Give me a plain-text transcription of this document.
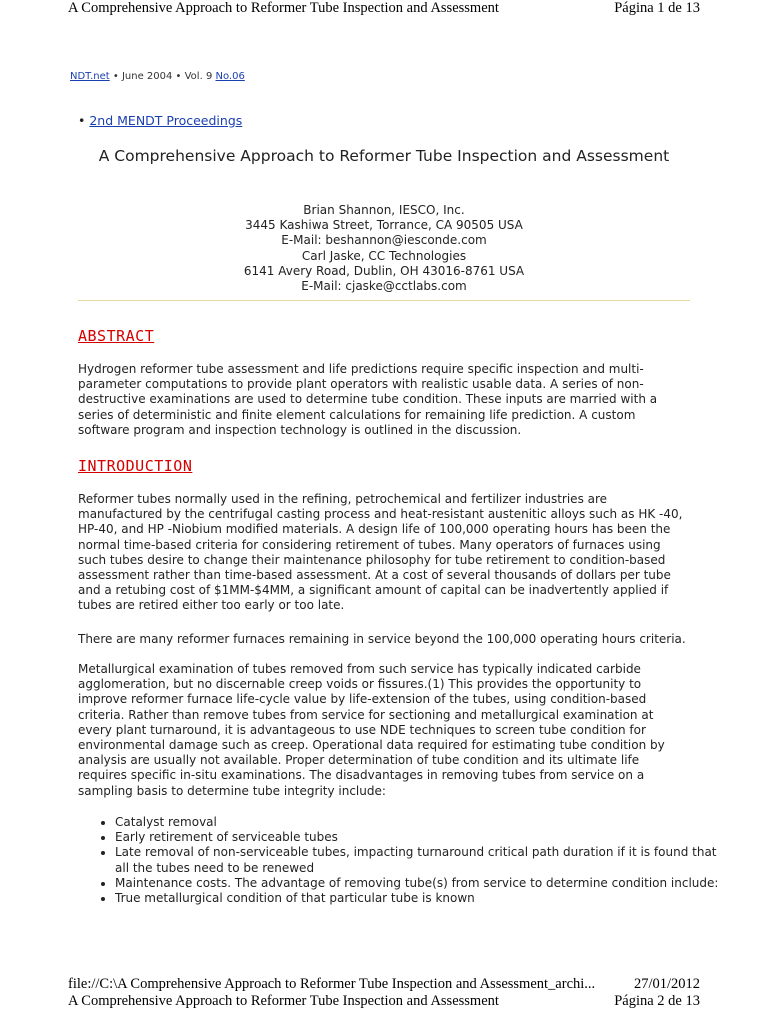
A Comprehensive Approach to Reformer Tube Inspection and Assessment	Página 1 de 13
NDT.net • June 2004 • Vol. 9 No.06
• 2nd MENDT Proceedings
A Comprehensive Approach to Reformer Tube Inspection and Assessment
Brian Shannon, IESCO, Inc.
3445 Kashiwa Street, Torrance, CA 90505 USA
E-Mail: beshannon@iesconde.com
Carl Jaske, CC Technologies
6141 Avery Road, Dublin, OH 43016-8761 USA
E-Mail: cjaske@cctlabs.com
ABSTRACT

Hydrogen reformer tube assessment and life predictions require specific inspection and multi-parameter computations to provide plant operators with realistic usable data. A series of non-destructive examinations are used to determine tube condition. These inputs are married with a series of deterministic and finite element calculations for remaining life prediction. A custom software program and inspection technology is outlined in the discussion.

INTRODUCTION

Reformer tubes normally used in the refining, petrochemical and fertilizer industries are manufactured by the centrifugal casting process and heat-resistant austenitic alloys such as HK -40, HP-40, and HP -Niobium modified materials. A design life of 100,000 operating hours has been the normal time-based criteria for considering retirement of tubes. Many operators of furnaces using such tubes desire to change their maintenance philosophy for tube retirement to condition-based assessment rather than time-based assessment. At a cost of several thousands of dollars per tube and a retubing cost of $1MM-$4MM, a significant amount of capital can be inadvertently applied if tubes are retired either too early or too late.

There are many reformer furnaces remaining in service beyond the 100,000 operating hours criteria.

Metallurgical examination of tubes removed from such service has typically indicated carbide agglomeration, but no discernable creep voids or fissures.(1) This provides the opportunity to improve reformer furnace life-cycle value by life-extension of the tubes, using condition-based criteria. Rather than remove tubes from service for sectioning and metallurgical examination at every plant turnaround, it is advantageous to use NDE techniques to screen tube condition for environmental damage such as creep. Operational data required for estimating tube condition by analysis are usually not available. Proper determination of tube condition and its ultimate life requires specific in-situ examinations. The disadvantages in removing tubes from service on a sampling basis to determine tube integrity include:

• Catalyst removal
• Early retirement of serviceable tubes
• Late removal of non-serviceable tubes, impacting turnaround critical path duration if it is found that all the tubes need to be renewed
• Maintenance costs. The advantage of removing tube(s) from service to determine condition include:
• True metallurgical condition of that particular tube is known
file://C:\A Comprehensive Approach to Reformer Tube Inspection and Assessment_archi...	27/01/2012
A Comprehensive Approach to Reformer Tube Inspection and Assessment	Página 2 de 13
